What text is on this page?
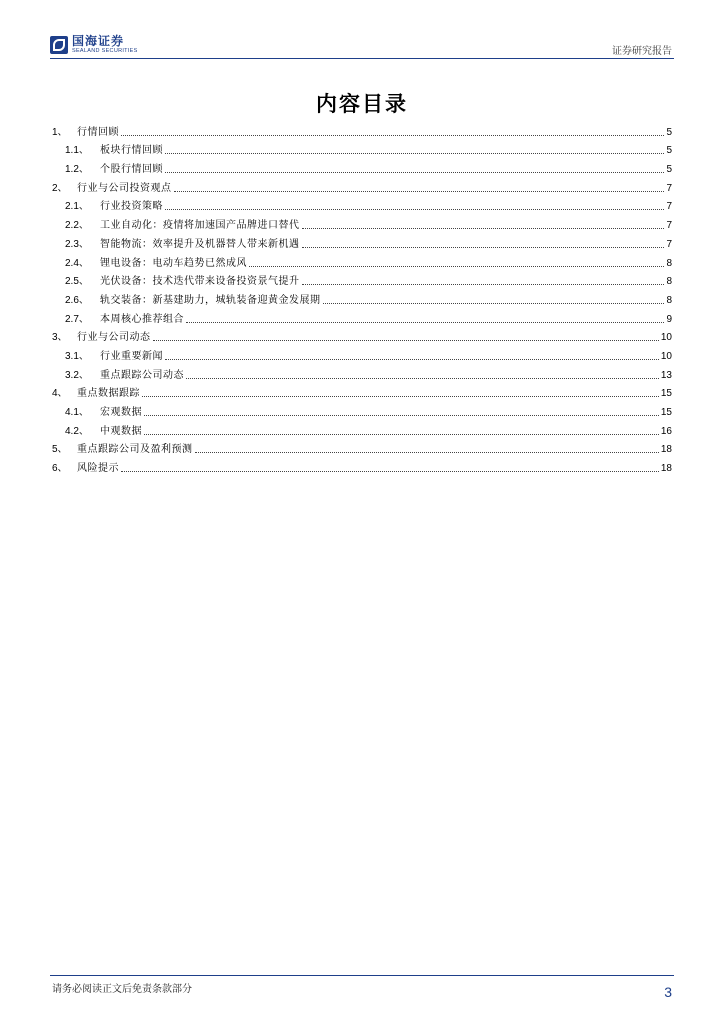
国海证券
SEALAND SECURITIES	证券研究报告
内容目录
1、 行情回顾	5
1.1、	板块行情回顾	5
1.2、	个股行情回顾	5
2、 行业与公司投资观点	7
2.1、	行业投资策略	7
2.2、	工业自动化：疫情将加速国产品牌进口替代	7
2.3、	智能物流：效率提升及机器替人带来新机遇	7
2.4、	锂电设备：电动车趋势已然成风	8
2.5、	光伏设备：技术迭代带来设备投资景气提升	8
2.6、	轨交装备：新基建助力，城轨装备迎黄金发展期	8
2.7、	本周核心推荐组合	9
3、 行业与公司动态	10
3.1、	行业重要新闻	10
3.2、	重点跟踪公司动态	13
4、 重点数据跟踪	15
4.1、	宏观数据	15
4.2、	中观数据	16
5、 重点跟踪公司及盈利预测	18
6、 风险提示	18
请务必阅读正文后免责条款部分	3
